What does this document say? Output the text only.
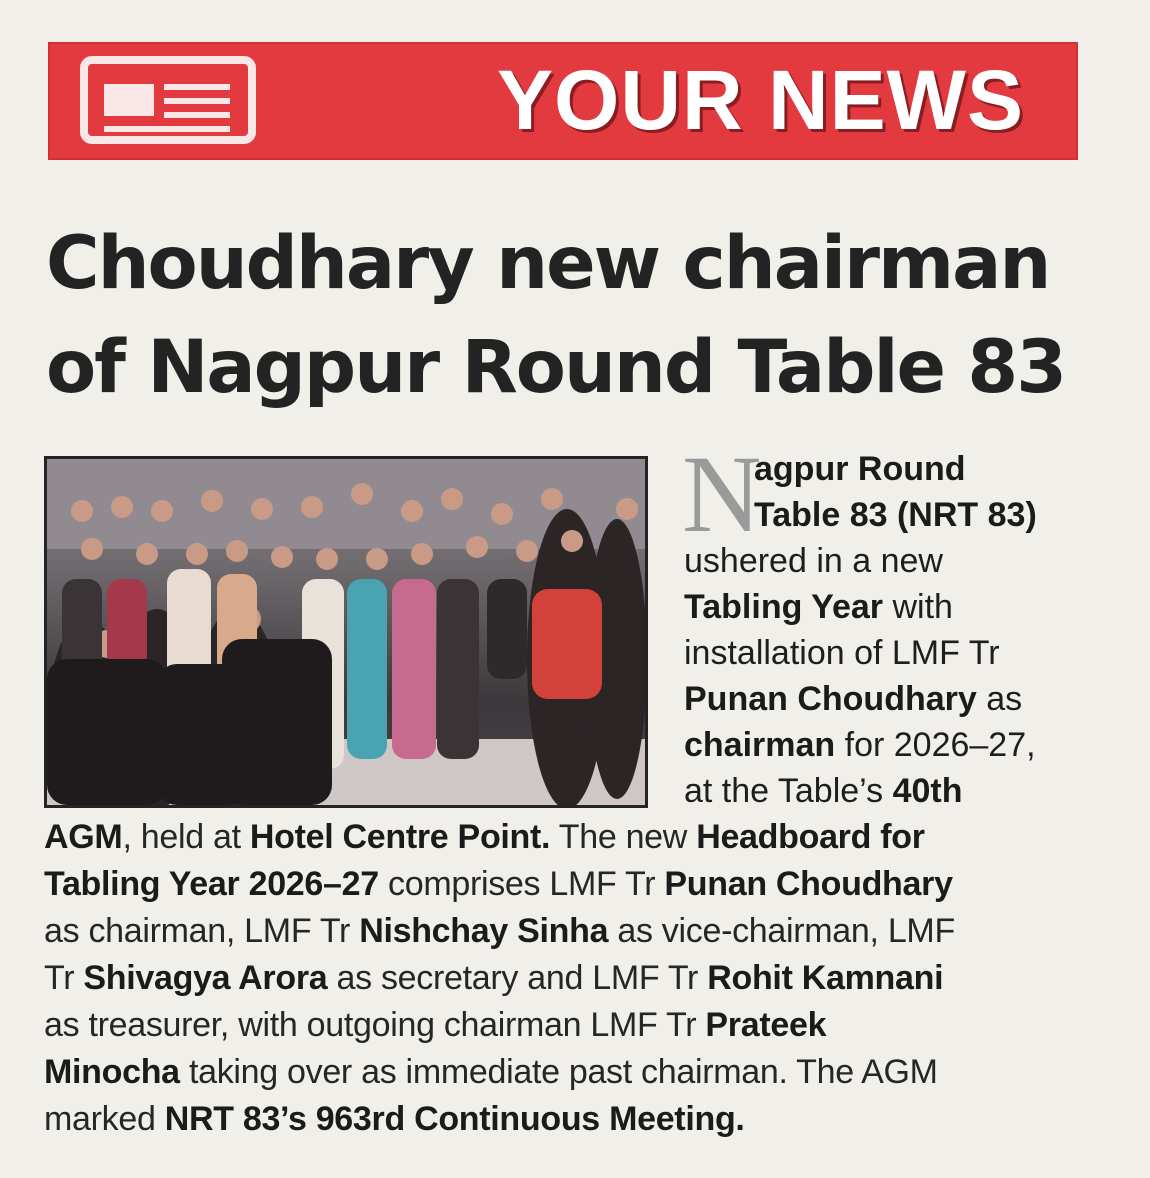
YOUR NEWS
Choudhary new chairman
of Nagpur Round Table 83
N
agpur Round
Table 83 (NRT 83)
ushered in a new
Tabling Year with
installation of LMF Tr
Punan Choudhary as
chairman for 2026–27,
at the Table’s 40th
AGM, held at Hotel Centre Point. The new Headboard for
Tabling Year 2026–27 comprises LMF Tr Punan Choudhary
as chairman, LMF Tr Nishchay Sinha as vice-chairman, LMF
Tr Shivagya Arora as secretary and LMF Tr Rohit Kamnani
as treasurer, with outgoing chairman LMF Tr Prateek
Minocha taking over as immediate past chairman. The AGM
marked NRT 83’s 963rd Continuous Meeting.
